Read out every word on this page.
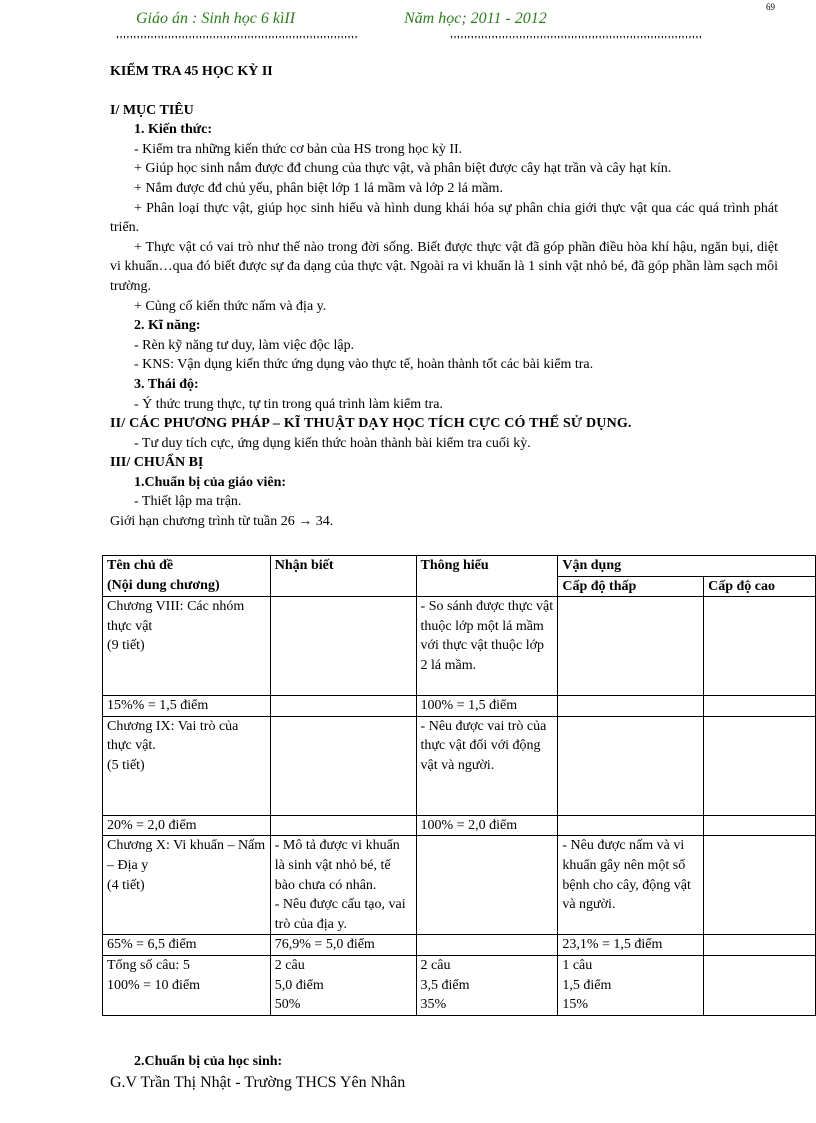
69
Giáo án : Sinh học 6 kìII	Năm học; 2011 - 2012
''''''''''''''''''''''''''''''''''''''''''''''''''''''''''''''''''''''	'''''''''''''''''''''''''''''''''''''''''''''''''''''''''''''''''''''''''

KIỂM TRA 45 HỌC KỲ II

I/ MỤC TIÊU

1. Kiến thức:

- Kiểm tra những kiến thức cơ bản của HS trong học kỳ II.

+ Giúp học sinh nắm được đđ chung của thực vật, và phân biệt được cây hạt trần và cây hạt kín.

+ Nắm được đđ chủ yếu, phân biệt lớp 1 lá mầm và lớp 2 lá mầm.

+ Phân loại thực vật, giúp học sinh hiểu và hình dung khái hóa sự phân chia giới thực vật qua các quá trình phát triển.

+ Thực vật có vai trò như thế nào trong đời sống. Biết được thực vật đã góp phần điều hòa khí hậu, ngăn bụi, diệt vi khuẩn…qua đó biết được sự đa dạng của thực vật. Ngoài ra vi khuẩn là 1 sinh vật nhỏ bé, đã góp phần làm sạch môi trường.

+ Củng cố kiến thức nấm và địa y.

2. Kĩ năng:

- Rèn kỹ năng tư duy, làm việc độc lập.

- KNS: Vận dụng kiến thức ứng dụng vào thực tế, hoàn thành tốt các bài kiểm tra.

3. Thái độ:

- Ý thức trung thực, tự tin trong quá trình làm kiểm tra.

II/ CÁC PHƯƠNG PHÁP – KĨ THUẬT DẠY HỌC TÍCH CỰC CÓ THỂ SỬ DỤNG.

- Tư duy tích cực, ứng dụng kiến thức hoàn thành bài kiểm tra cuối kỳ.

III/ CHUẨN BỊ

1.Chuẩn bị của giáo viên:

- Thiết lập ma trận.

Giới hạn chương trình từ tuần 26 → 34.

Tên chủ đề
(Nội dung chương)	Nhận biết	Thông hiểu	Vận dụng	
			Cấp độ thấp	Cấp độ cao

Chương VIII: Các nhóm thực vật
(9 tiết)		- So sánh được thực vật thuộc lớp một lá mầm với thực vật thuộc lớp 2 lá mầm.		
15%% = 1,5 điểm		100% = 1,5 điểm		

Chương IX: Vai trò của thực vật.
(5 tiết)		- Nêu được vai trò của thực vật đối với động vật và người.		
20% = 2,0 điểm		100% = 2,0 điểm		

Chương X: Vi khuẩn – Nấm – Địa y
(4 tiết)	- Mô tả được vi khuẩn là sinh vật nhỏ bé, tế bào chưa có nhân.
- Nêu được cấu tạo, vai trò của địa y.		- Nêu được nấm và vi khuẩn gây nên một số bệnh cho cây, động vật và người.	
65% = 6,5 điểm	76,9% = 5,0 điểm		23,1% = 1,5 điểm	

Tổng số câu: 5
100% = 10 điểm	2 câu
5,0 điểm
50%	2 câu
3,5 điểm
35%	1 câu
1,5 điểm
15%	

2.Chuẩn bị của học sinh:
G.V Trần Thị Nhật - Trường THCS Yên Nhân
